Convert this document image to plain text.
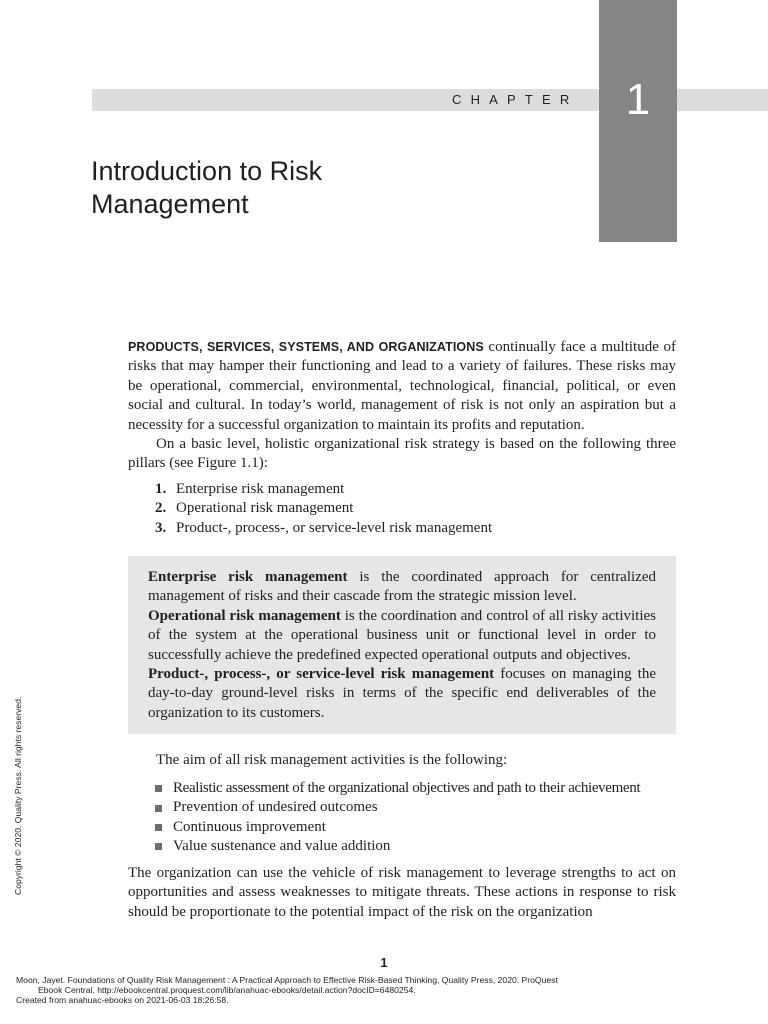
CHAPTER	1
Introduction to Risk
Management

PRODUCTS, SERVICES, SYSTEMS, AND ORGANIZATIONS continually face a multitude of risks that may hamper their functioning and lead to a variety of failures. These risks may be operational, commercial, environmental, technological, financial, political, or even social and cultural. In today’s world, management of risk is not only an aspiration but a necessity for a successful organization to maintain its profits and reputation.

On a basic level, holistic organizational risk strategy is based on the following three pillars (see Figure 1.1):

1. Enterprise risk management
2. Operational risk management
3. Product-, process-, or service-level risk management

Enterprise risk management is the coordinated approach for centralized management of risks and their cascade from the strategic mission level.

Operational risk management is the coordination and control of all risky activities of the system at the operational business unit or functional level in order to successfully achieve the predefined expected operational outputs and objectives.

Product-, process-, or service-level risk management focuses on managing the day-to-day ground-level risks in terms of the specific end deliverables of the organization to its customers.

The aim of all risk management activities is the following:

Realistic assessment of the organizational objectives and path to their achievement
Prevention of undesired outcomes
Continuous improvement
Value sustenance and value addition

The organization can use the vehicle of risk management to leverage strengths to act on opportunities and assess weaknesses to mitigate threats. These actions in response to risk should be proportionate to the potential impact of the risk on the organization

1
Moon, Jayet. Foundations of Quality Risk Management : A Practical Approach to Effective Risk-Based Thinking, Quality Press, 2020. ProQuest
Ebook Central, http://ebookcentral.proquest.com/lib/anahuac-ebooks/detail.action?docID=6480254.
Created from anahuac-ebooks on 2021-06-03 18:26:58.
Copyright © 2020. Quality Press. All rights reserved.
